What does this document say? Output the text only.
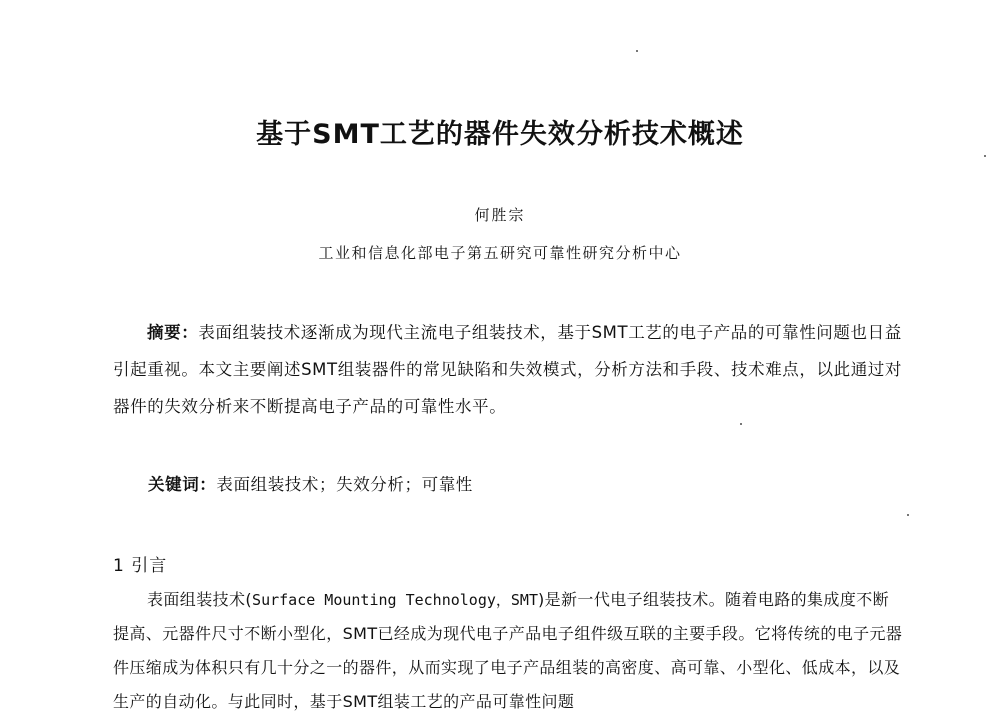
基于SMT工艺的器件失效分析技术概述
何胜宗
工业和信息化部电子第五研究可靠性研究分析中心
摘要：表面组装技术逐渐成为现代主流电子组装技术，基于SMT工艺的电子产品的可靠性问题也日益引起重视。本文主要阐述SMT组装器件的常见缺陷和失效模式，分析方法和手段、技术难点，以此通过对器件的失效分析来不断提高电子产品的可靠性水平。
关键词：表面组装技术；失效分析；可靠性
1 引言
表面组装技术(Surface Mounting Technology，SMT)是新一代电子组装技术。随着电路的集成度不断提高、元器件尺寸不断小型化，SMT已经成为现代电子产品电子组件级互联的主要手段。它将传统的电子元器件压缩成为体积只有几十分之一的器件，从而实现了电子产品组装的高密度、高可靠、小型化、低成本，以及生产的自动化。与此同时，基于SMT组装工艺的产品可靠性问题
